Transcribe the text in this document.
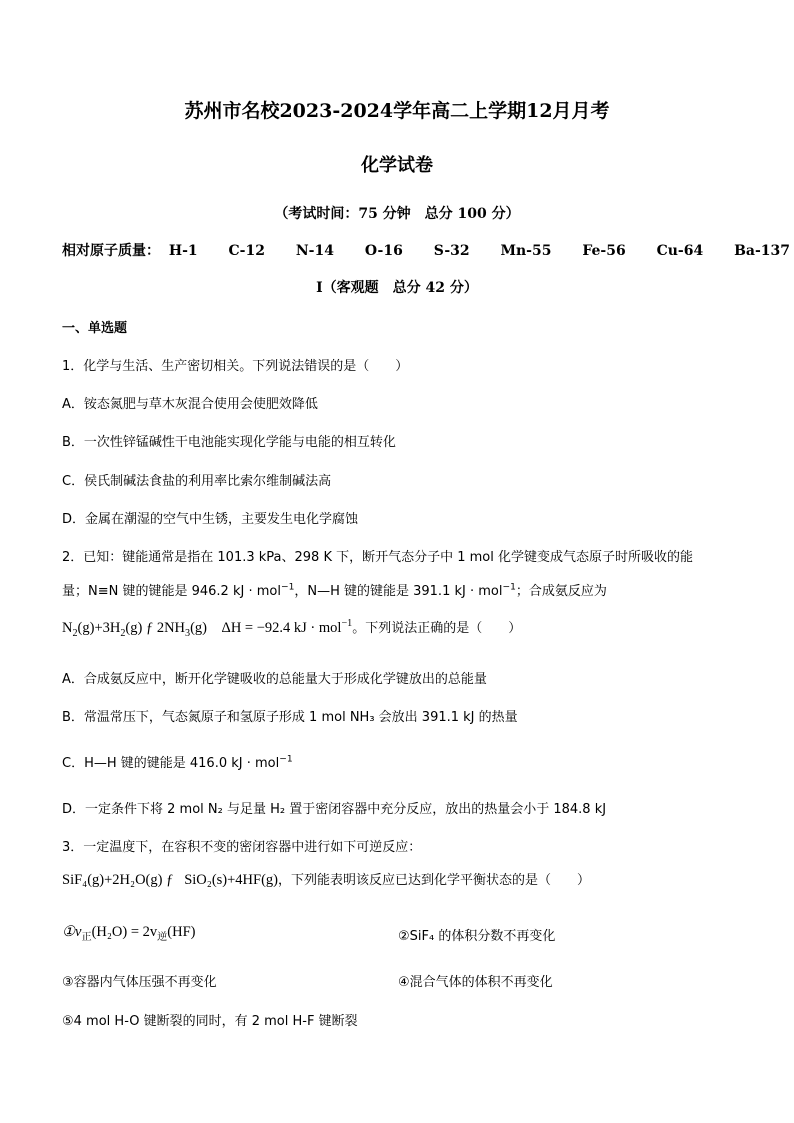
苏州市名校2023-2024学年高二上学期12月月考
化学试卷
（考试时间：75 分钟　总分 100 分）
相对原子质量： H-1 C-12 N-14 O-16 S-32 Mn-55 Fe-56 Cu-64 Ba-137
Ⅰ（客观题　总分 42 分）
一、单选题
1．化学与生活、生产密切相关。下列说法错误的是（　　）
A．铵态氮肥与草木灰混合使用会使肥效降低
B．一次性锌锰碱性干电池能实现化学能与电能的相互转化
C．侯氏制碱法食盐的利用率比索尔维制碱法高
D．金属在潮湿的空气中生锈，主要发生电化学腐蚀
2．已知：键能通常是指在 101.3 kPa、298 K 下，断开气态分子中 1 mol 化学键变成气态原子时所吸收的能
量；N≡N 键的键能是 946.2 kJ · mol$^{-1}$，N—H 键的键能是 391.1 kJ · mol$^{-1}$；合成氨反应为
$N_2(g)+3H_2(g)$ ƒ $2NH_3(g)$    ΔH = −92.4 kJ · mol$^{-1}$。下列说法正确的是（　　）
A．合成氨反应中，断开化学键吸收的总能量大于形成化学键放出的总能量
B．常温常压下，气态氮原子和氢原子形成 1 mol NH₃ 会放出 391.1 kJ 的热量
C．H—H 键的键能是 416.0 kJ · mol$^{-1}$
D．一定条件下将 2 mol N₂ 与足量 H₂ 置于密闭容器中充分反应，放出的热量会小于 184.8 kJ
3．一定温度下，在容积不变的密闭容器中进行如下可逆反应：
SiF₄(g)+2H₂O(g) ƒ   SiO₂(s)+4HF(g)，下列能表明该反应已达到化学平衡状态的是（　　）
$①v_正(H_2O) = 2v_逆(HF)$	②SiF₄ 的体积分数不再变化
③容器内气体压强不再变化	④混合气体的体积不再变化
⑤4 mol H-O 键断裂的同时，有 2 mol H-F 键断裂
